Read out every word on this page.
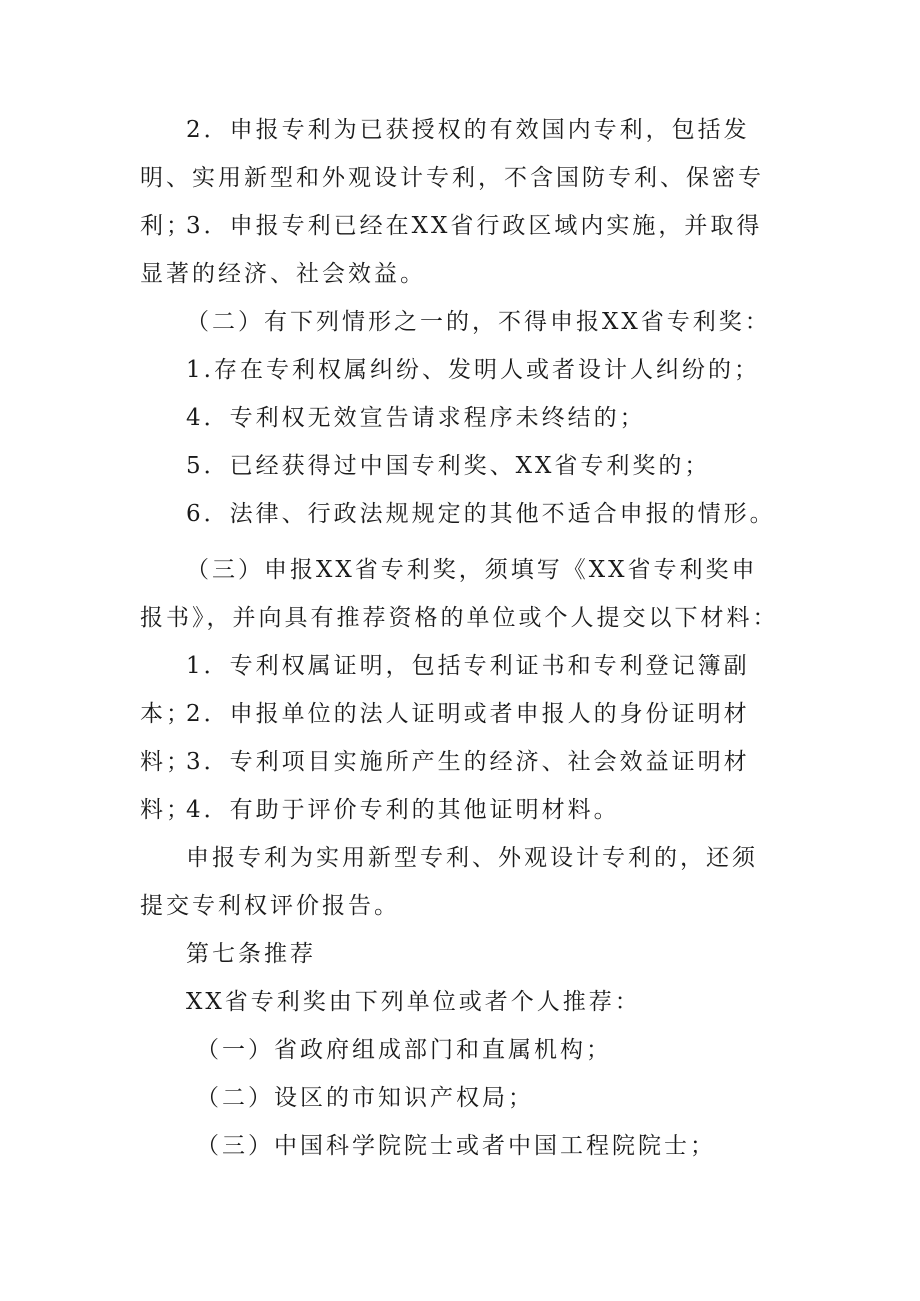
2．申报专利为已获授权的有效国内专利，包括发明、实用新型和外观设计专利，不含国防专利、保密专利；

3．申报专利已经在XX省行政区域内实施，并取得显著的经济、社会效益。

（二）有下列情形之一的，不得申报XX省专利奖：

1.存在专利权属纠纷、发明人或者设计人纠纷的；

4．专利权无效宣告请求程序未终结的；

5．已经获得过中国专利奖、XX省专利奖的；

6．法律、行政法规规定的其他不适合申报的情形。

（三）申报XX省专利奖，须填写《XX省专利奖申报书》，并向具有推荐资格的单位或个人提交以下材料：

1．专利权属证明，包括专利证书和专利登记簿副本；

2．申报单位的法人证明或者申报人的身份证明材料；

3．专利项目实施所产生的经济、社会效益证明材料；

4．有助于评价专利的其他证明材料。

申报专利为实用新型专利、外观设计专利的，还须提交专利权评价报告。

第七条推荐

XX省专利奖由下列单位或者个人推荐：

（一）省政府组成部门和直属机构；

（二）设区的市知识产权局；

（三）中国科学院院士或者中国工程院院士；
